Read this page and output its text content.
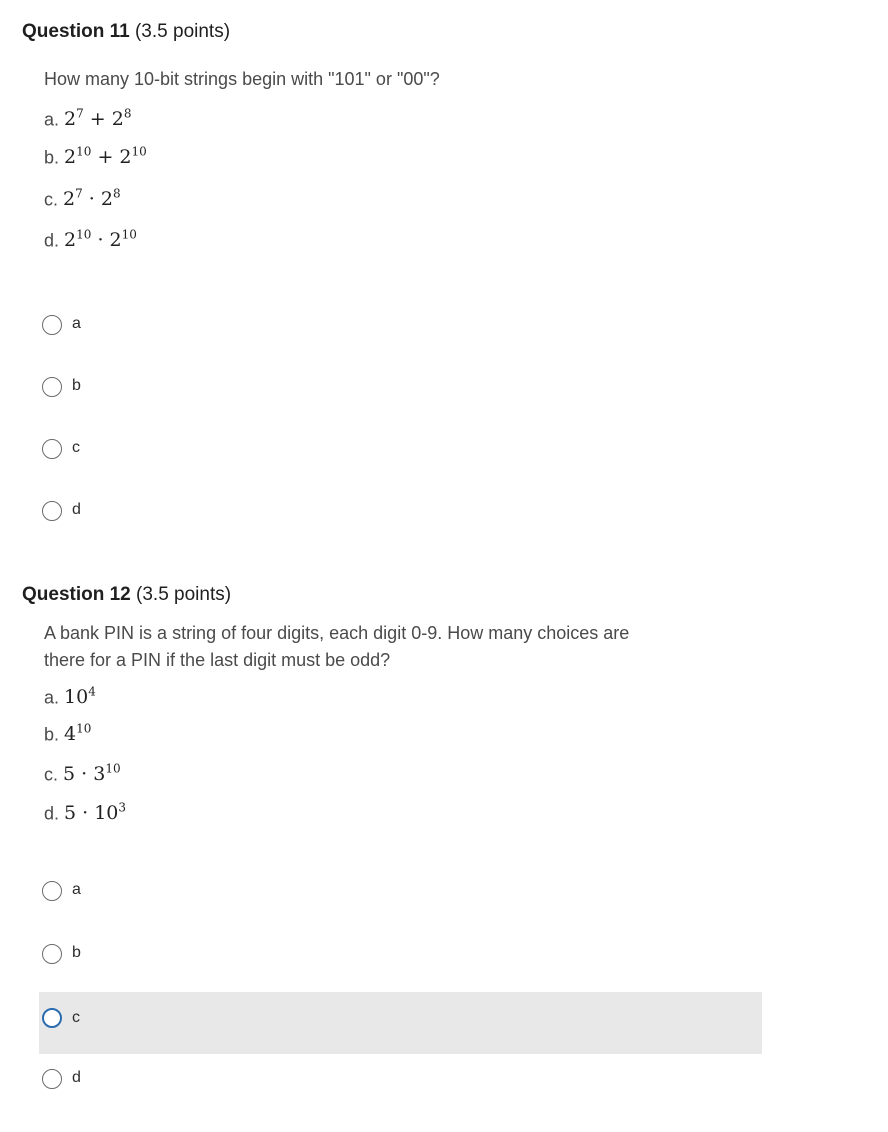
Question 11 (3.5 points)
How many 10-bit strings begin with "101" or "00"?
a. $2^7 + 2^8$
b. $2^{10} + 2^{10}$
c. $2^7 \cdot 2^8$
d. $2^{10} \cdot 2^{10}$
a
b
c
d
Question 12 (3.5 points)
A bank PIN is a string of four digits, each digit 0-9. How many choices are there for a PIN if the last digit must be odd?
a. $10^4$
b. $4^{10}$
c. $5 \cdot 3^{10}$
d. $5 \cdot 10^3$
a
b
c
d
